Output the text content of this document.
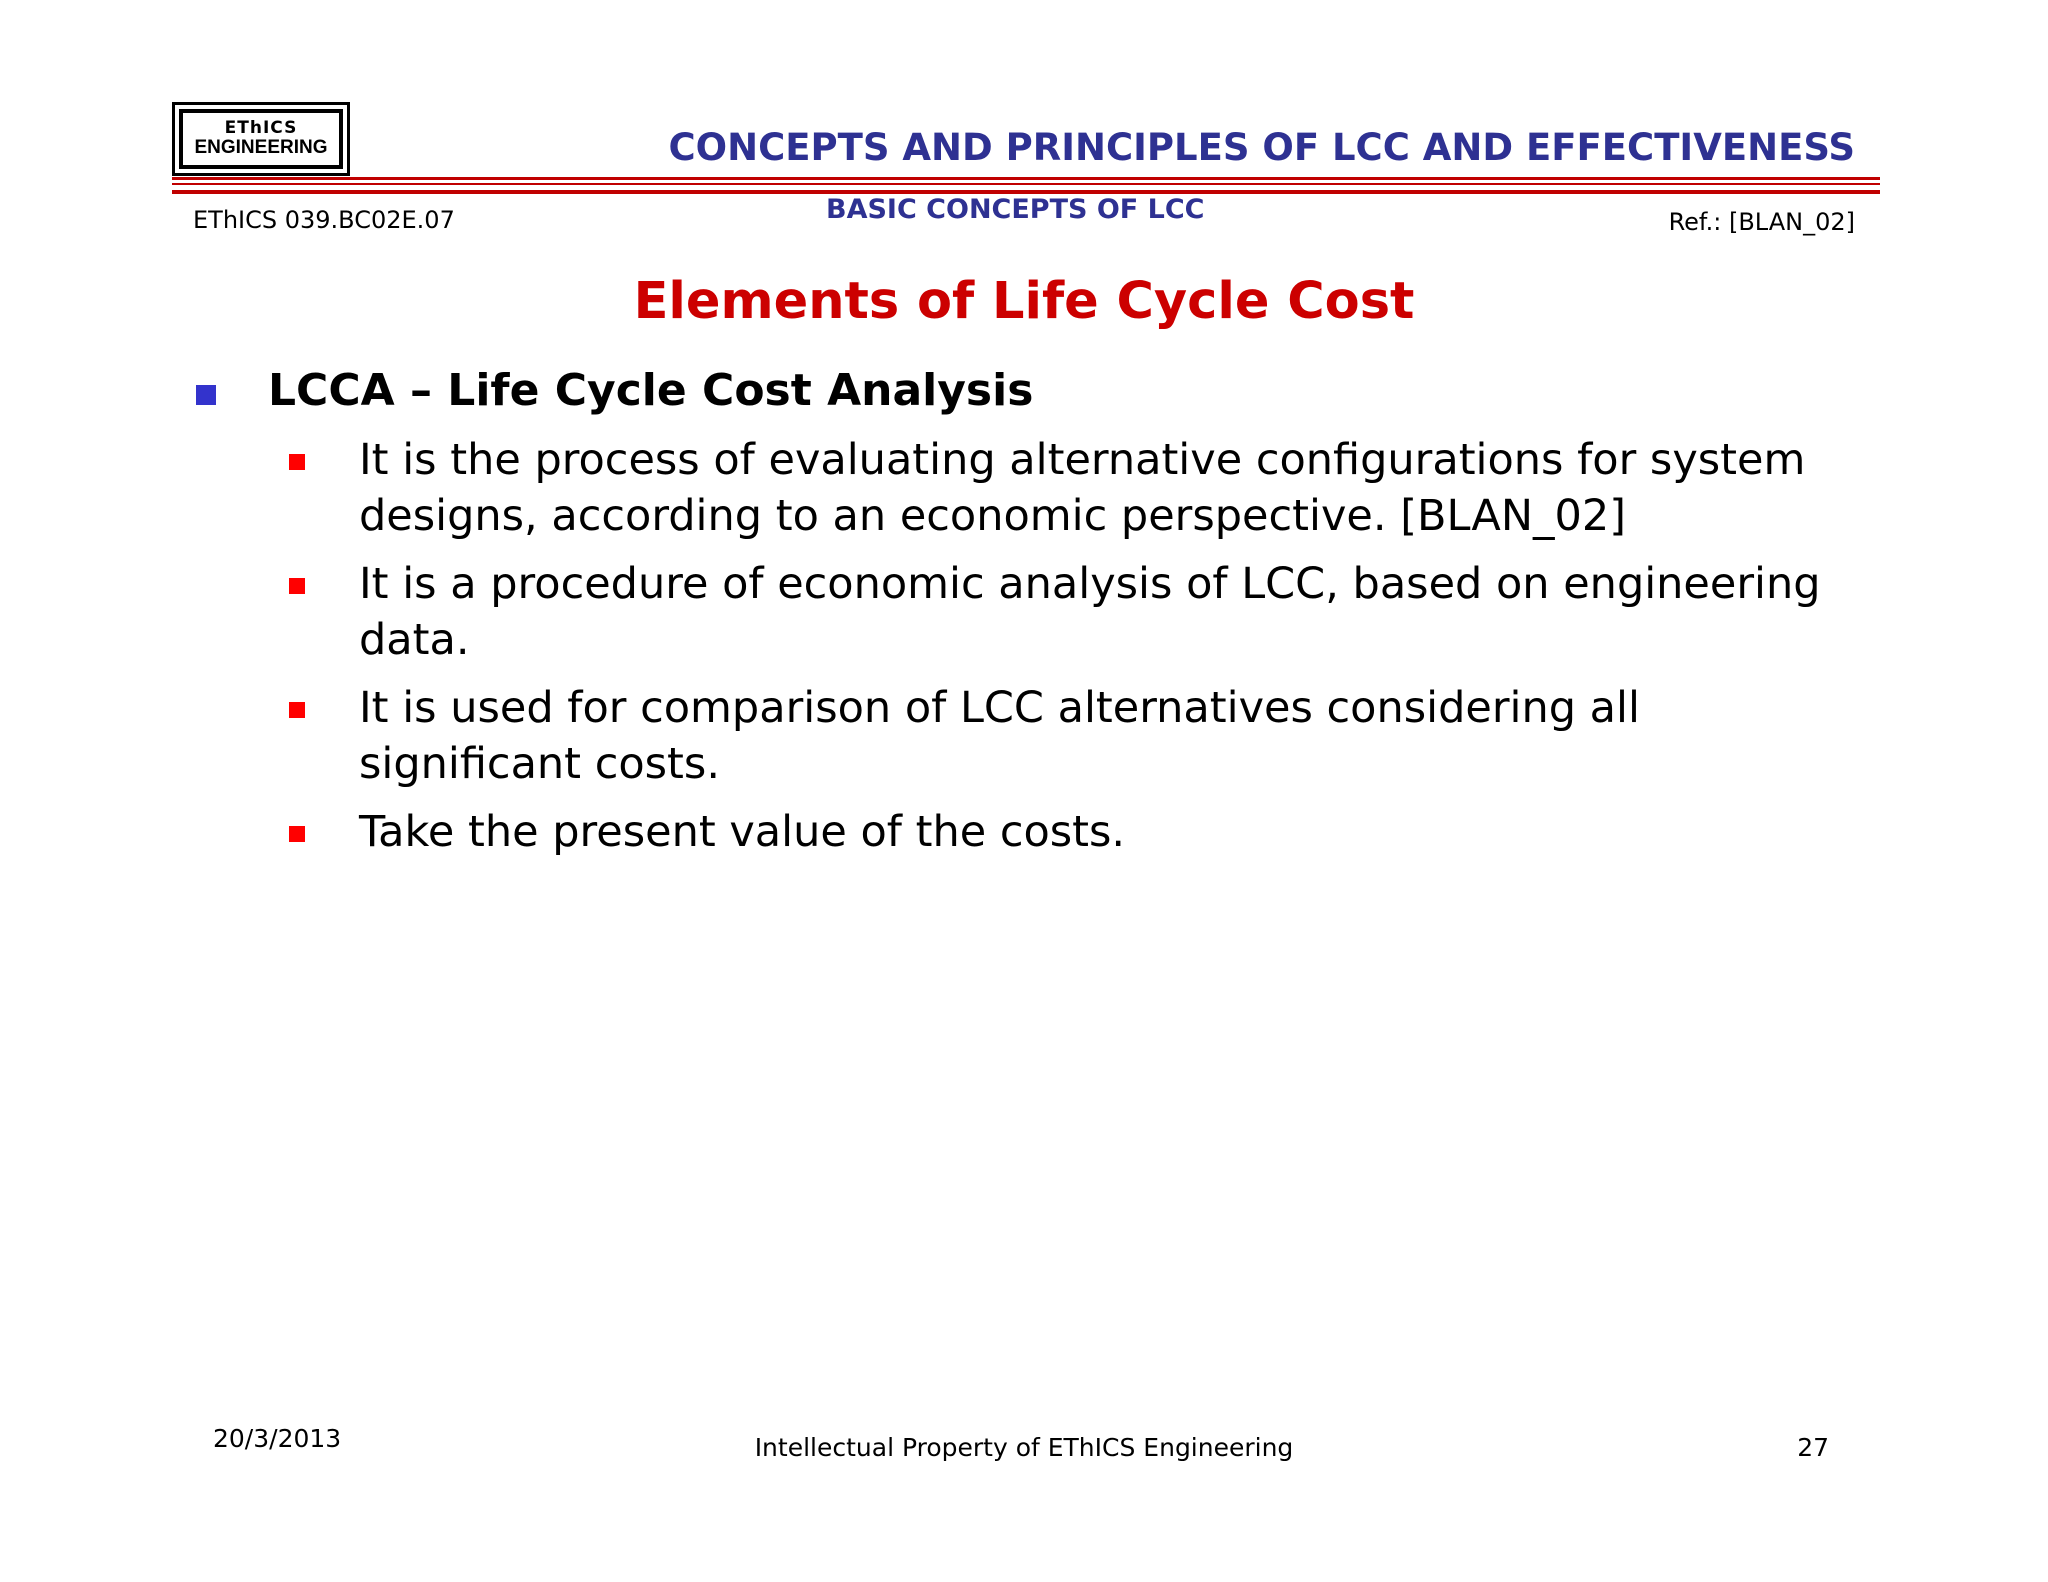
EThICS
ENGINEERING	CONCEPTS AND PRINCIPLES OF LCC AND EFFECTIVENESS
EThICS 039.BC02E.07	BASIC CONCEPTS OF LCC	Ref.: [BLAN_02]
Elements of Life Cycle Cost
LCCA – Life Cycle Cost Analysis
It is the process of evaluating alternative configurations for system designs, according to an economic perspective. [BLAN_02]
It is a procedure of economic analysis of LCC, based on engineering data.
It is used for comparison of LCC alternatives considering all significant costs.
Take the present value of the costs.
20/3/2013	Intellectual Property of EThICS Engineering	27
